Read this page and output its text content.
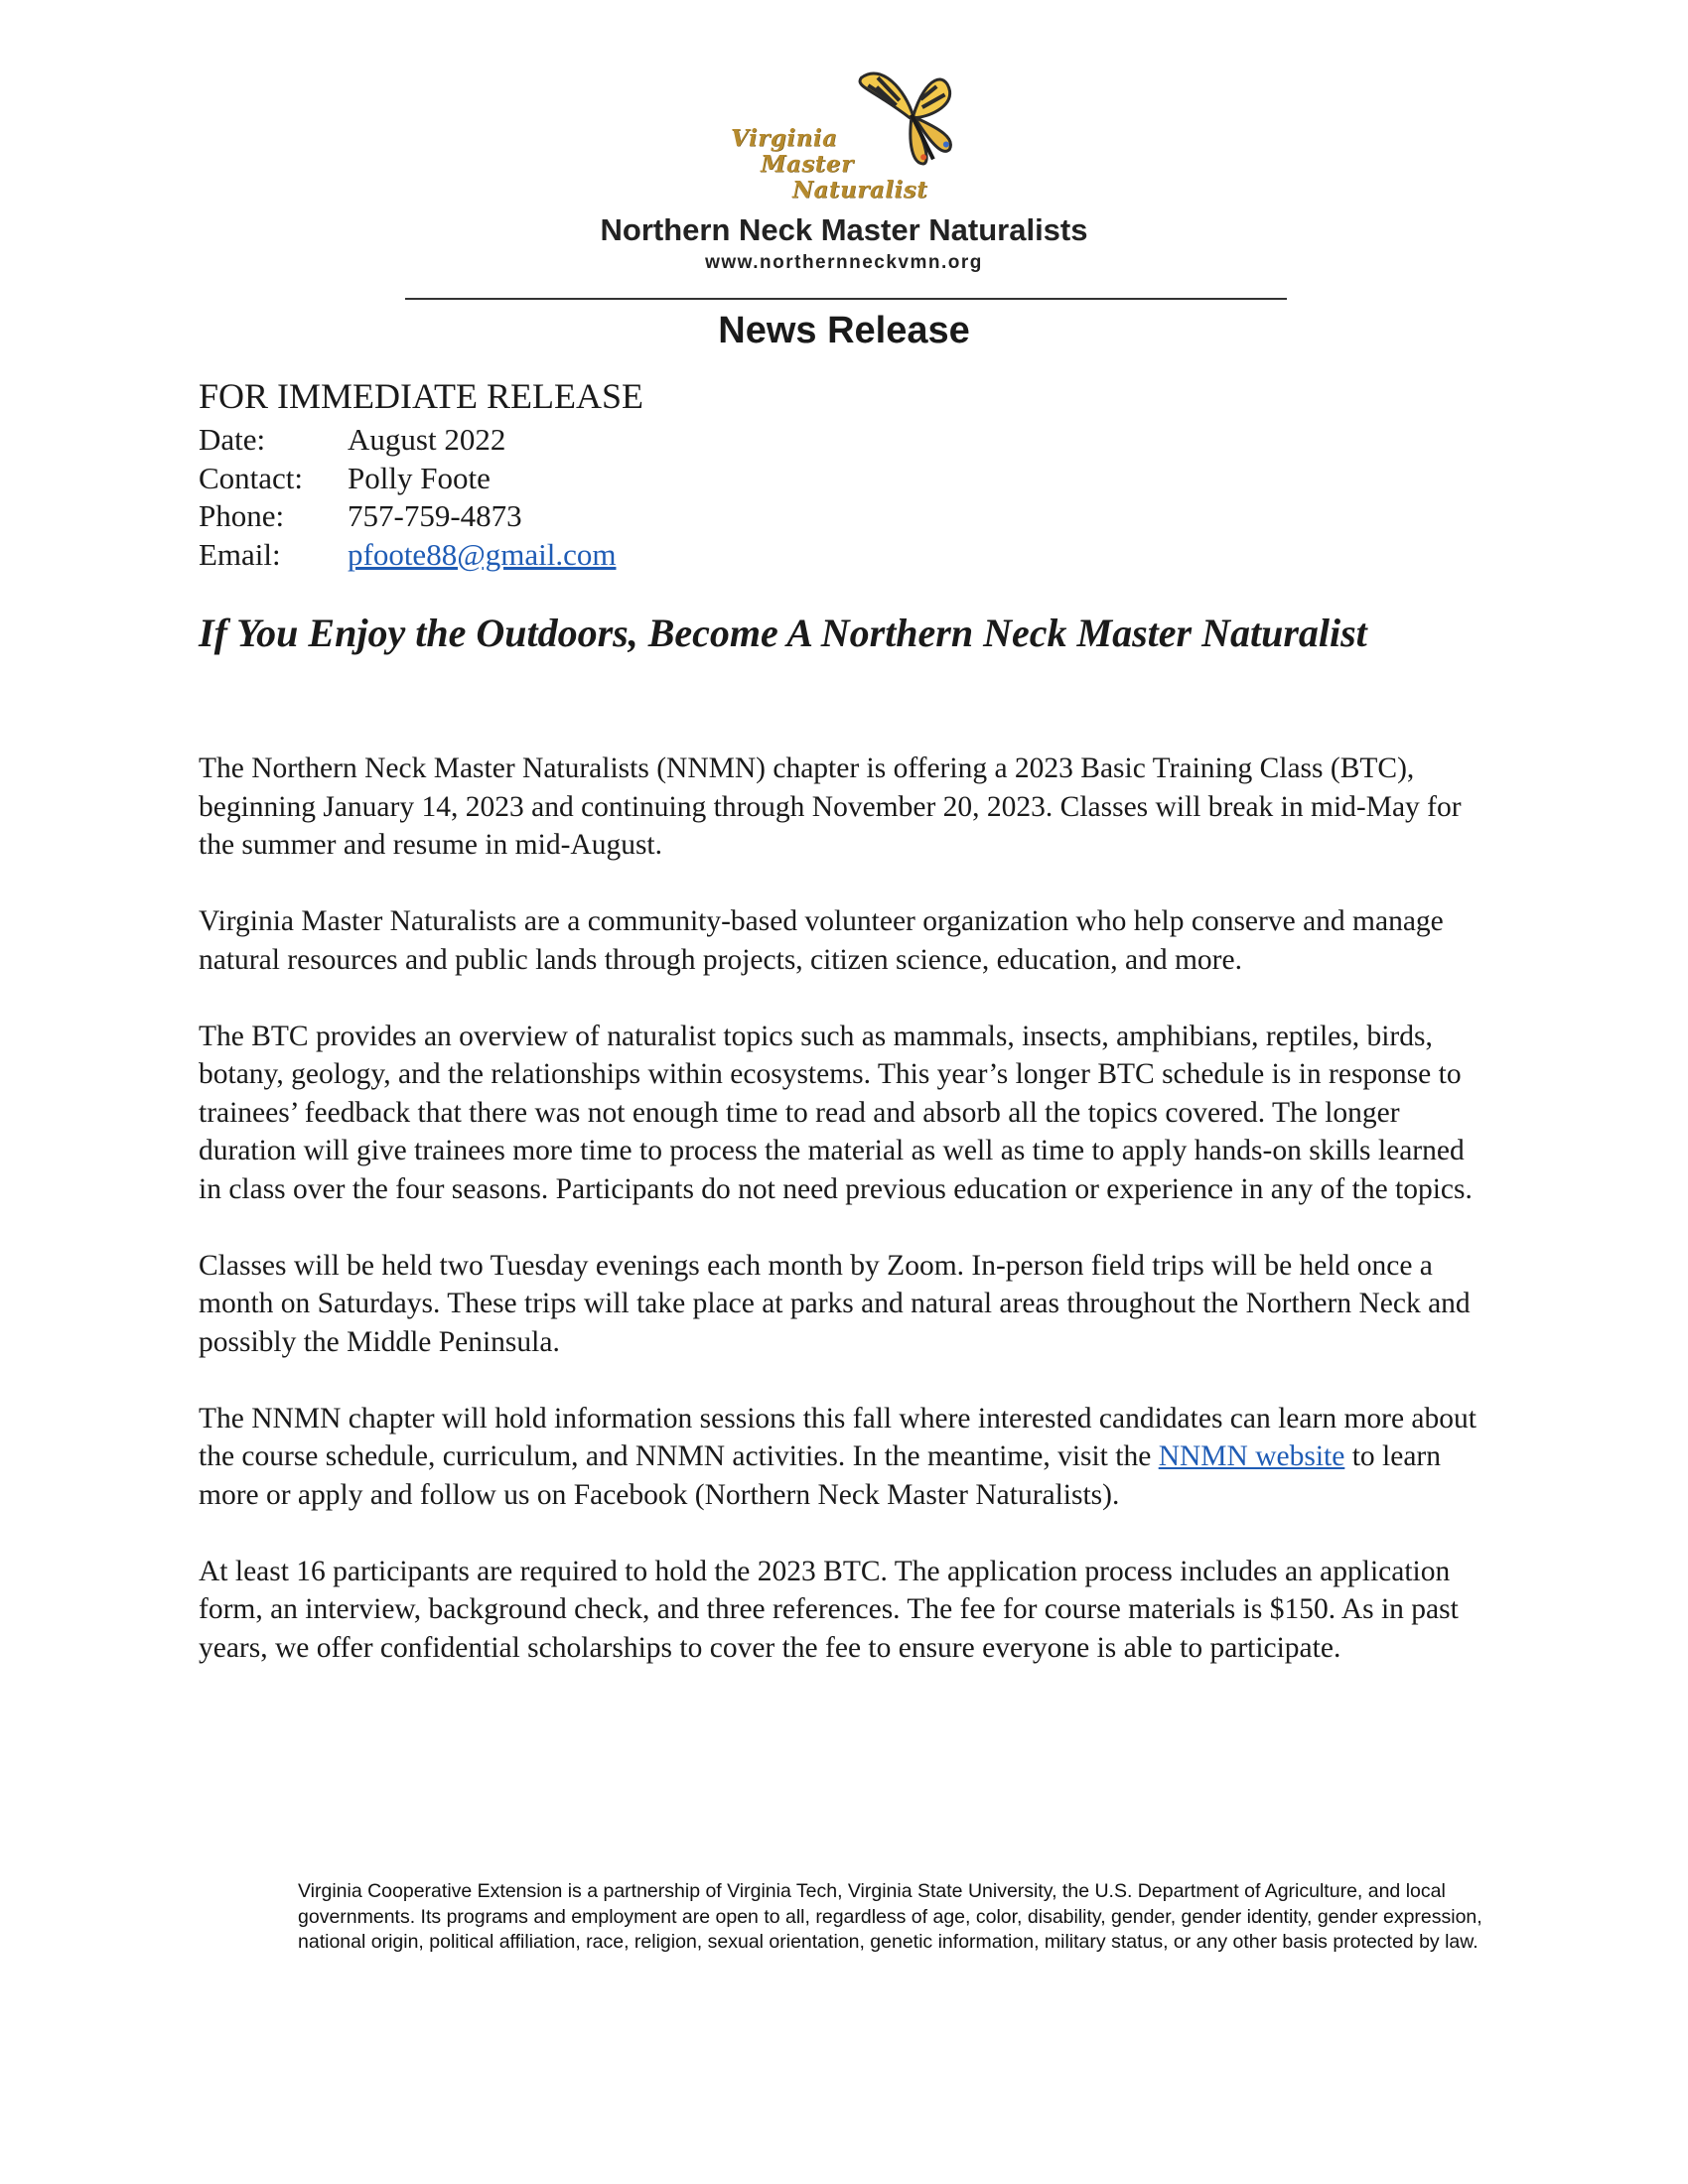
Virginia
Master
Naturalist
Northern Neck Master Naturalists
www.northernneckvmn.org
News Release
FOR IMMEDIATE RELEASE
Date:	August 2022
Contact:	Polly Foote
Phone:	757-759-4873
Email:	pfoote88@gmail.com
If You Enjoy the Outdoors, Become A Northern Neck Master Naturalist

The Northern Neck Master Naturalists (NNMN) chapter is offering a 2023 Basic Training Class (BTC), beginning January 14, 2023 and continuing through November 20, 2023. Classes will break in mid-May for the summer and resume in mid-August.

Virginia Master Naturalists are a community-based volunteer organization who help conserve and manage natural resources and public lands through projects, citizen science, education, and more.

The BTC provides an overview of naturalist topics such as mammals, insects, amphibians, reptiles, birds, botany, geology, and the relationships within ecosystems. This year’s longer BTC schedule is in response to trainees’ feedback that there was not enough time to read and absorb all the topics covered. The longer duration will give trainees more time to process the material as well as time to apply hands-on skills learned in class over the four seasons. Participants do not need previous education or experience in any of the topics.

Classes will be held two Tuesday evenings each month by Zoom. In-person field trips will be held once a month on Saturdays. These trips will take place at parks and natural areas throughout the Northern Neck and possibly the Middle Peninsula.

The NNMN chapter will hold information sessions this fall where interested candidates can learn more about the course schedule, curriculum, and NNMN activities. In the meantime, visit the NNMN website to learn more or apply and follow us on Facebook (Northern Neck Master Naturalists).

At least 16 participants are required to hold the 2023 BTC. The application process includes an application form, an interview, background check, and three references. The fee for course materials is $150. As in past years, we offer confidential scholarships to cover the fee to ensure everyone is able to participate.

Virginia Cooperative Extension is a partnership of Virginia Tech, Virginia State University, the U.S. Department of Agriculture, and local governments. Its programs and employment are open to all, regardless of age, color, disability, gender, gender identity, gender expression, national origin, political affiliation, race, religion, sexual orientation, genetic information, military status, or any other basis protected by law.
